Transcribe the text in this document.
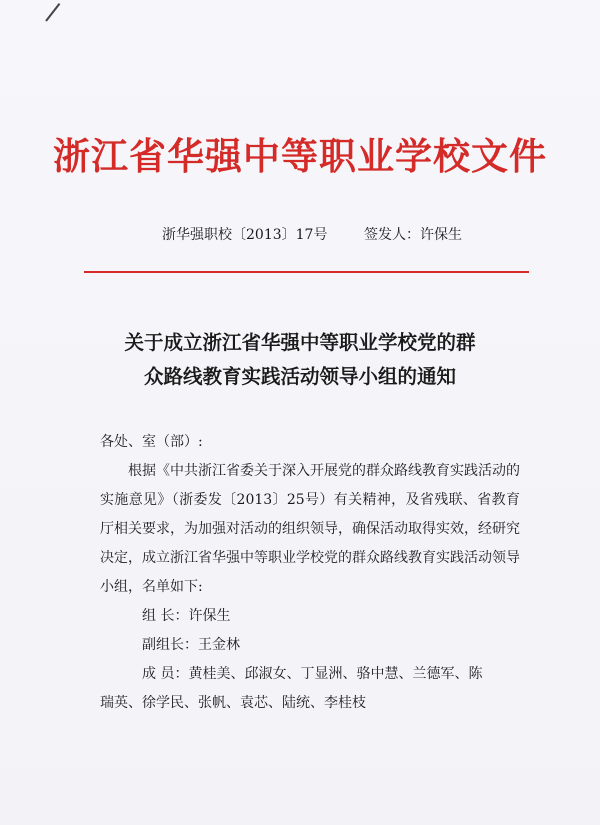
浙江省华强中等职业学校文件
浙华强职校〔2013〕17号	签发人：许保生
关于成立浙江省华强中等职业学校党的群
众路线教育实践活动领导小组的通知

各处、室（部）:

根据《中共浙江省委关于深入开展党的群众路线教育实践活动的实施意见》（浙委发〔2013〕25号）有关精神，及省残联、省教育厅相关要求，为加强对活动的组织领导，确保活动取得实效，经研究决定，成立浙江省华强中等职业学校党的群众路线教育实践活动领导小组，名单如下:

组 长：许保生

副组长：王金林

成 员：黄桂美、邱淑女、丁显洲、骆中慧、兰德军、陈

瑞英、徐学民、张帆、袁芯、陆统、李桂枝
